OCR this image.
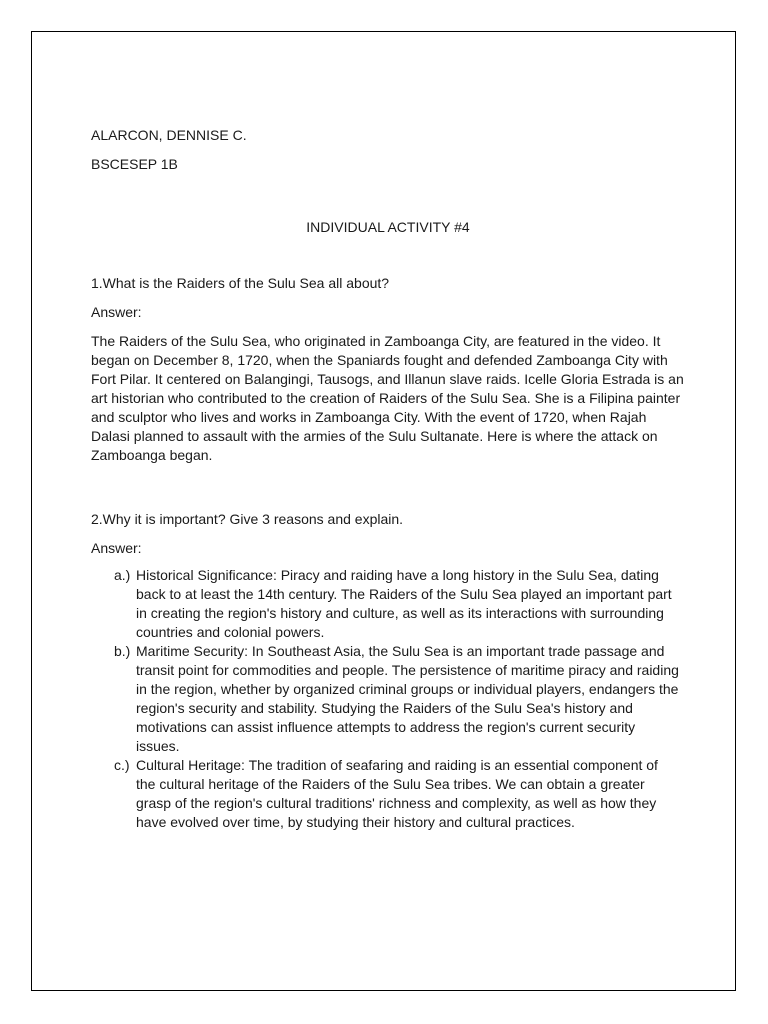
ALARCON, DENNISE C.

BSCESEP 1B

INDIVIDUAL ACTIVITY #4

1.What is the Raiders of the Sulu Sea all about?

Answer:

The Raiders of the Sulu Sea, who originated in Zamboanga City, are featured in the video. It began on December 8, 1720, when the Spaniards fought and defended Zamboanga City with Fort Pilar. It centered on Balangingi, Tausogs, and Illanun slave raids. Icelle Gloria Estrada is an art historian who contributed to the creation of Raiders of the Sulu Sea. She is a Filipina painter and sculptor who lives and works in Zamboanga City. With the event of 1720, when Rajah Dalasi planned to assault with the armies of the Sulu Sultanate. Here is where the attack on Zamboanga began.

2.Why it is important? Give 3 reasons and explain.

Answer:

a.) Historical Significance: Piracy and raiding have a long history in the Sulu Sea, dating back to at least the 14th century. The Raiders of the Sulu Sea played an important part in creating the region's history and culture, as well as its interactions with surrounding countries and colonial powers.
b.) Maritime Security: In Southeast Asia, the Sulu Sea is an important trade passage and transit point for commodities and people. The persistence of maritime piracy and raiding in the region, whether by organized criminal groups or individual players, endangers the region's security and stability. Studying the Raiders of the Sulu Sea's history and motivations can assist influence attempts to address the region's current security issues.
c.) Cultural Heritage: The tradition of seafaring and raiding is an essential component of the cultural heritage of the Raiders of the Sulu Sea tribes. We can obtain a greater grasp of the region's cultural traditions' richness and complexity, as well as how they have evolved over time, by studying their history and cultural practices.
